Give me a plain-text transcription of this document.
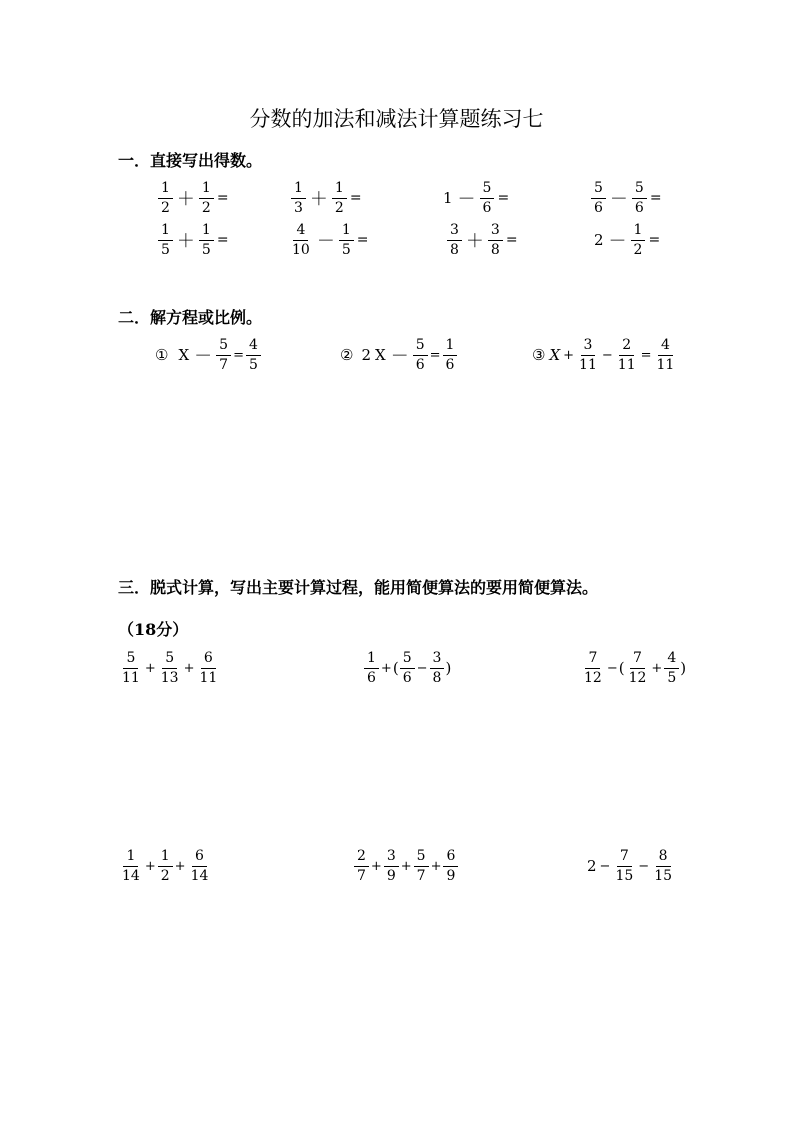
分数的加法和减法计算题练习七
一．直接写出得数。
$\frac{1}{2} + \frac{1}{2}$ =	$\frac{1}{3} + \frac{1}{2}$ =	$1 - \frac{5}{6}$ =	$\frac{5}{6} - \frac{5}{6}$ =
$\frac{1}{5} + \frac{1}{5}$ =	$\frac{4}{10} - \frac{1}{5}$ =	$\frac{3}{8} + \frac{3}{8}$ =	$2 - \frac{1}{2}$ =
二．解方程或比例。
① $X - \frac{5}{7} = \frac{4}{5}$	② 2 $X - \frac{5}{6} = \frac{1}{6}$	③ $X + \frac{3}{11} - \frac{2}{11} = \frac{4}{11}$
三．脱式计算，写出主要计算过程，能用简便算法的要用简便算法。
（18分）
$\frac{5}{11} + \frac{5}{13} + \frac{6}{11}$	$\frac{1}{6}$ + ( $\frac{5}{6} - \frac{3}{8}$ )	$\frac{7}{12}$ − ( $\frac{7}{12} + \frac{4}{5}$ )
$\frac{1}{14} + \frac{1}{2} + \frac{6}{14}$	$\frac{2}{7} + \frac{3}{9} + \frac{5}{7} + \frac{6}{9}$	$2 - \frac{7}{15} - \frac{8}{15}$
